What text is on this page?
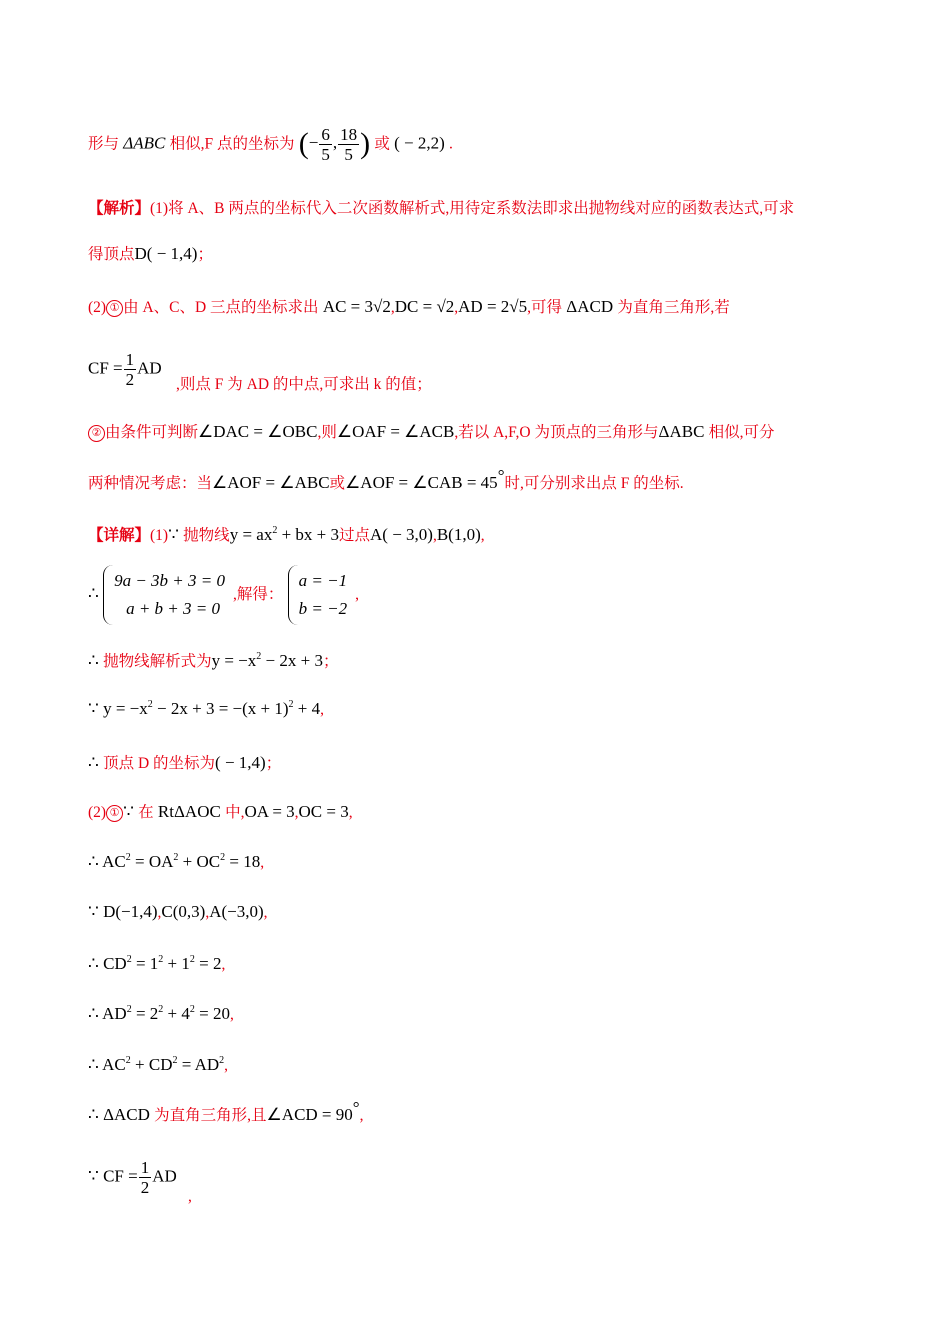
形与 ΔABC 相似,F 点的坐标为 (− $\frac{6}{5}$ , $\frac{18}{5}$ ) 或 ( − 2,2) .
【解析】(1)将 A、B 两点的坐标代入二次函数解析式,用待定系数法即求出抛物线对应的函数表达式,可求
得顶点D( − 1,4)；
(2) ① 由 A、C、D 三点的坐标求出 AC = 3√2,DC = √2,AD = 2√5,可得 ΔACD 为直角三角形,若
CF = $\frac{1}{2}$ AD
,则点 F 为 AD 的中点,可求出 k 的值；
② 由条件可判断∠DAC = ∠OBC,则∠OAF = ∠ACB,若以 A,F,O 为顶点的三角形与ΔABC 相似,可分
两种情况考虑：当∠AOF = ∠ABC或∠AOF = ∠CAB = 45°时,可分别求出点 F 的坐标.
【详解】(1)∵ 抛物线$y = ax^2$ + bx + 3过点A( − 3,0),B(1,0),
∴
9a − 3b + 3 = 0
a + b + 3 = 0
,解得：
a = −1
b = −2
,
∴ 抛物线解析式为$y = -x^2 - 2x + 3$；
∵ $y = -x^2 - 2x + 3 = -(x + 1)^2 + 4$,
∴ 顶点 D 的坐标为( − 1,4)；
(2) ① ∵ 在 RtΔAOC 中,OA = 3,OC = 3,
∴ $AC^2 = OA^2 + OC^2 = 18$,
∵ D(−1,4),C(0,3),A(−3,0),
∴ $CD^2 = 1^2 + 1^2 = 2$,
∴ $AD^2 = 2^2 + 4^2 = 20$,
∴ $AC^2 + CD^2 = AD^2$,
∴ ΔACD 为直角三角形,且∠ACD = 90°,
∵ CF = $\frac{1}{2}$ AD
,
